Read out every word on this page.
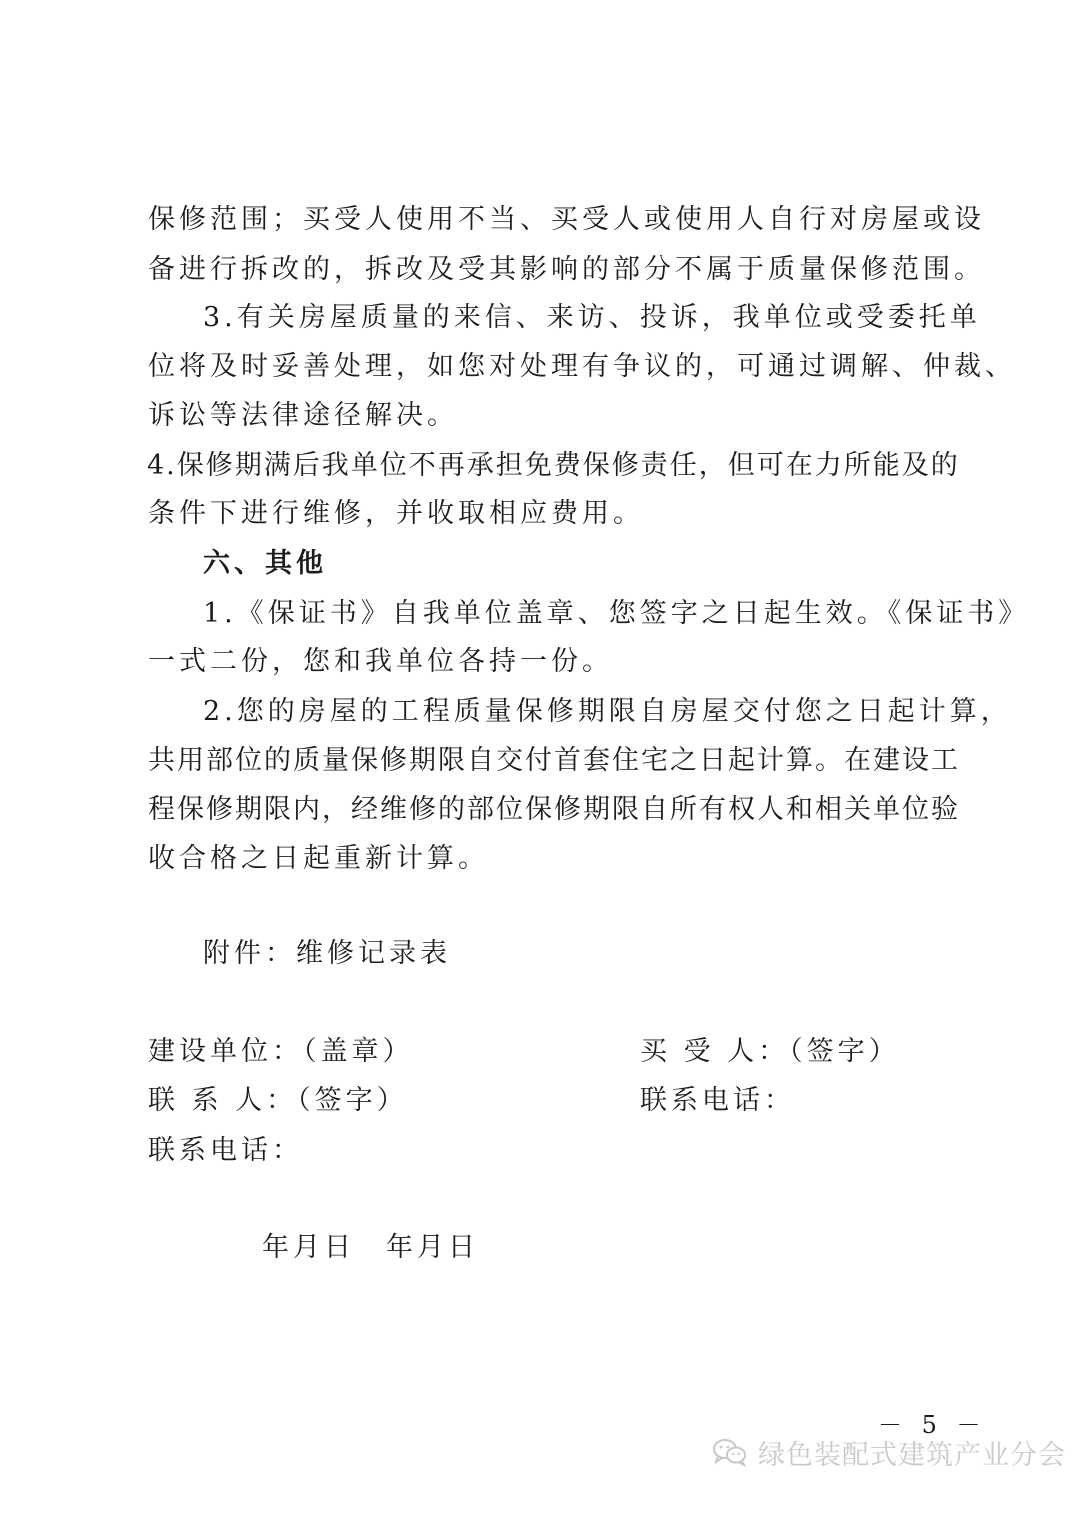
保修范围；买受人使用不当、买受人或使用人自行对房屋或设
备进行拆改的，拆改及受其影响的部分不属于质量保修范围。
3.有关房屋质量的来信、来访、投诉，我单位或受委托单
位将及时妥善处理，如您对处理有争议的，可通过调解、仲裁、
诉讼等法律途径解决。
4.保修期满后我单位不再承担免费保修责任，但可在力所能及的
条件下进行维修，并收取相应费用。
六、其他
1.《保证书》自我单位盖章、您签字之日起生效。《保证书》
一式二份，您和我单位各持一份。
2.您的房屋的工程质量保修期限自房屋交付您之日起计算，
共用部位的质量保修期限自交付首套住宅之日起计算。在建设工
程保修期限内，经维修的部位保修期限自所有权人和相关单位验
收合格之日起重新计算。
附件：维修记录表
建设单位：（盖章）	买 受 人：（签字）
联 系 人：（签字）	联系电话：
联系电话：
年月日　年月日
－ 5 －
绿色装配式建筑产业分会
